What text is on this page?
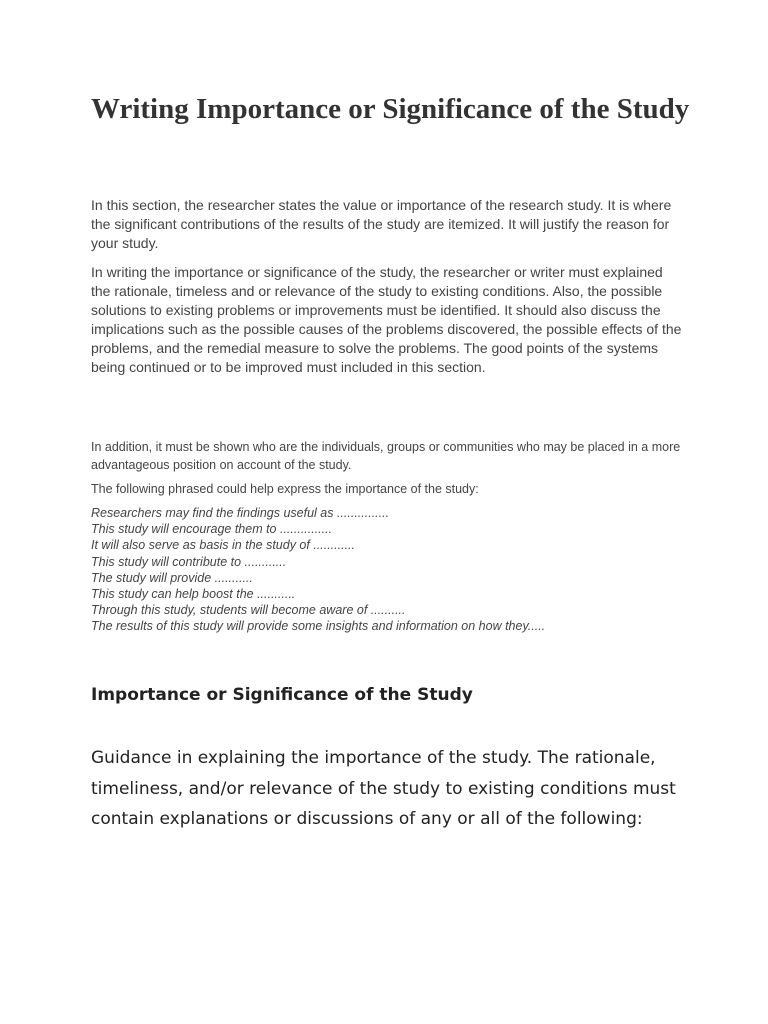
Writing Importance or Significance of the Study

In this section, the researcher states the value or importance of the research study. It is where the significant contributions of the results of the study are itemized. It will justify the reason for your study.

In writing the importance or significance of the study, the researcher or writer must explained the rationale, timeless and or relevance of the study to existing conditions. Also, the possible solutions to existing problems or improvements must be identified. It should also discuss the implications such as the possible causes of the problems discovered, the possible effects of the problems, and the remedial measure to solve the problems. The good points of the systems being continued or to be improved must included in this section.

In addition, it must be shown who are the individuals, groups or communities who may be placed in a more advantageous position on account of the study.

The following phrased could help express the importance of the study:

Researchers may find the findings useful as ...............
This study will encourage them to ...............
It will also serve as basis in the study of ............
This study will contribute to ............
The study will provide ...........
This study can help boost the ...........
Through this study, students will become aware of ..........
The results of this study will provide some insights and information on how they.....
Importance or Significance of the Study

Guidance in explaining the importance of the study. The rationale, timeliness, and/or relevance of the study to existing conditions must contain explanations or discussions of any or all of the following:
